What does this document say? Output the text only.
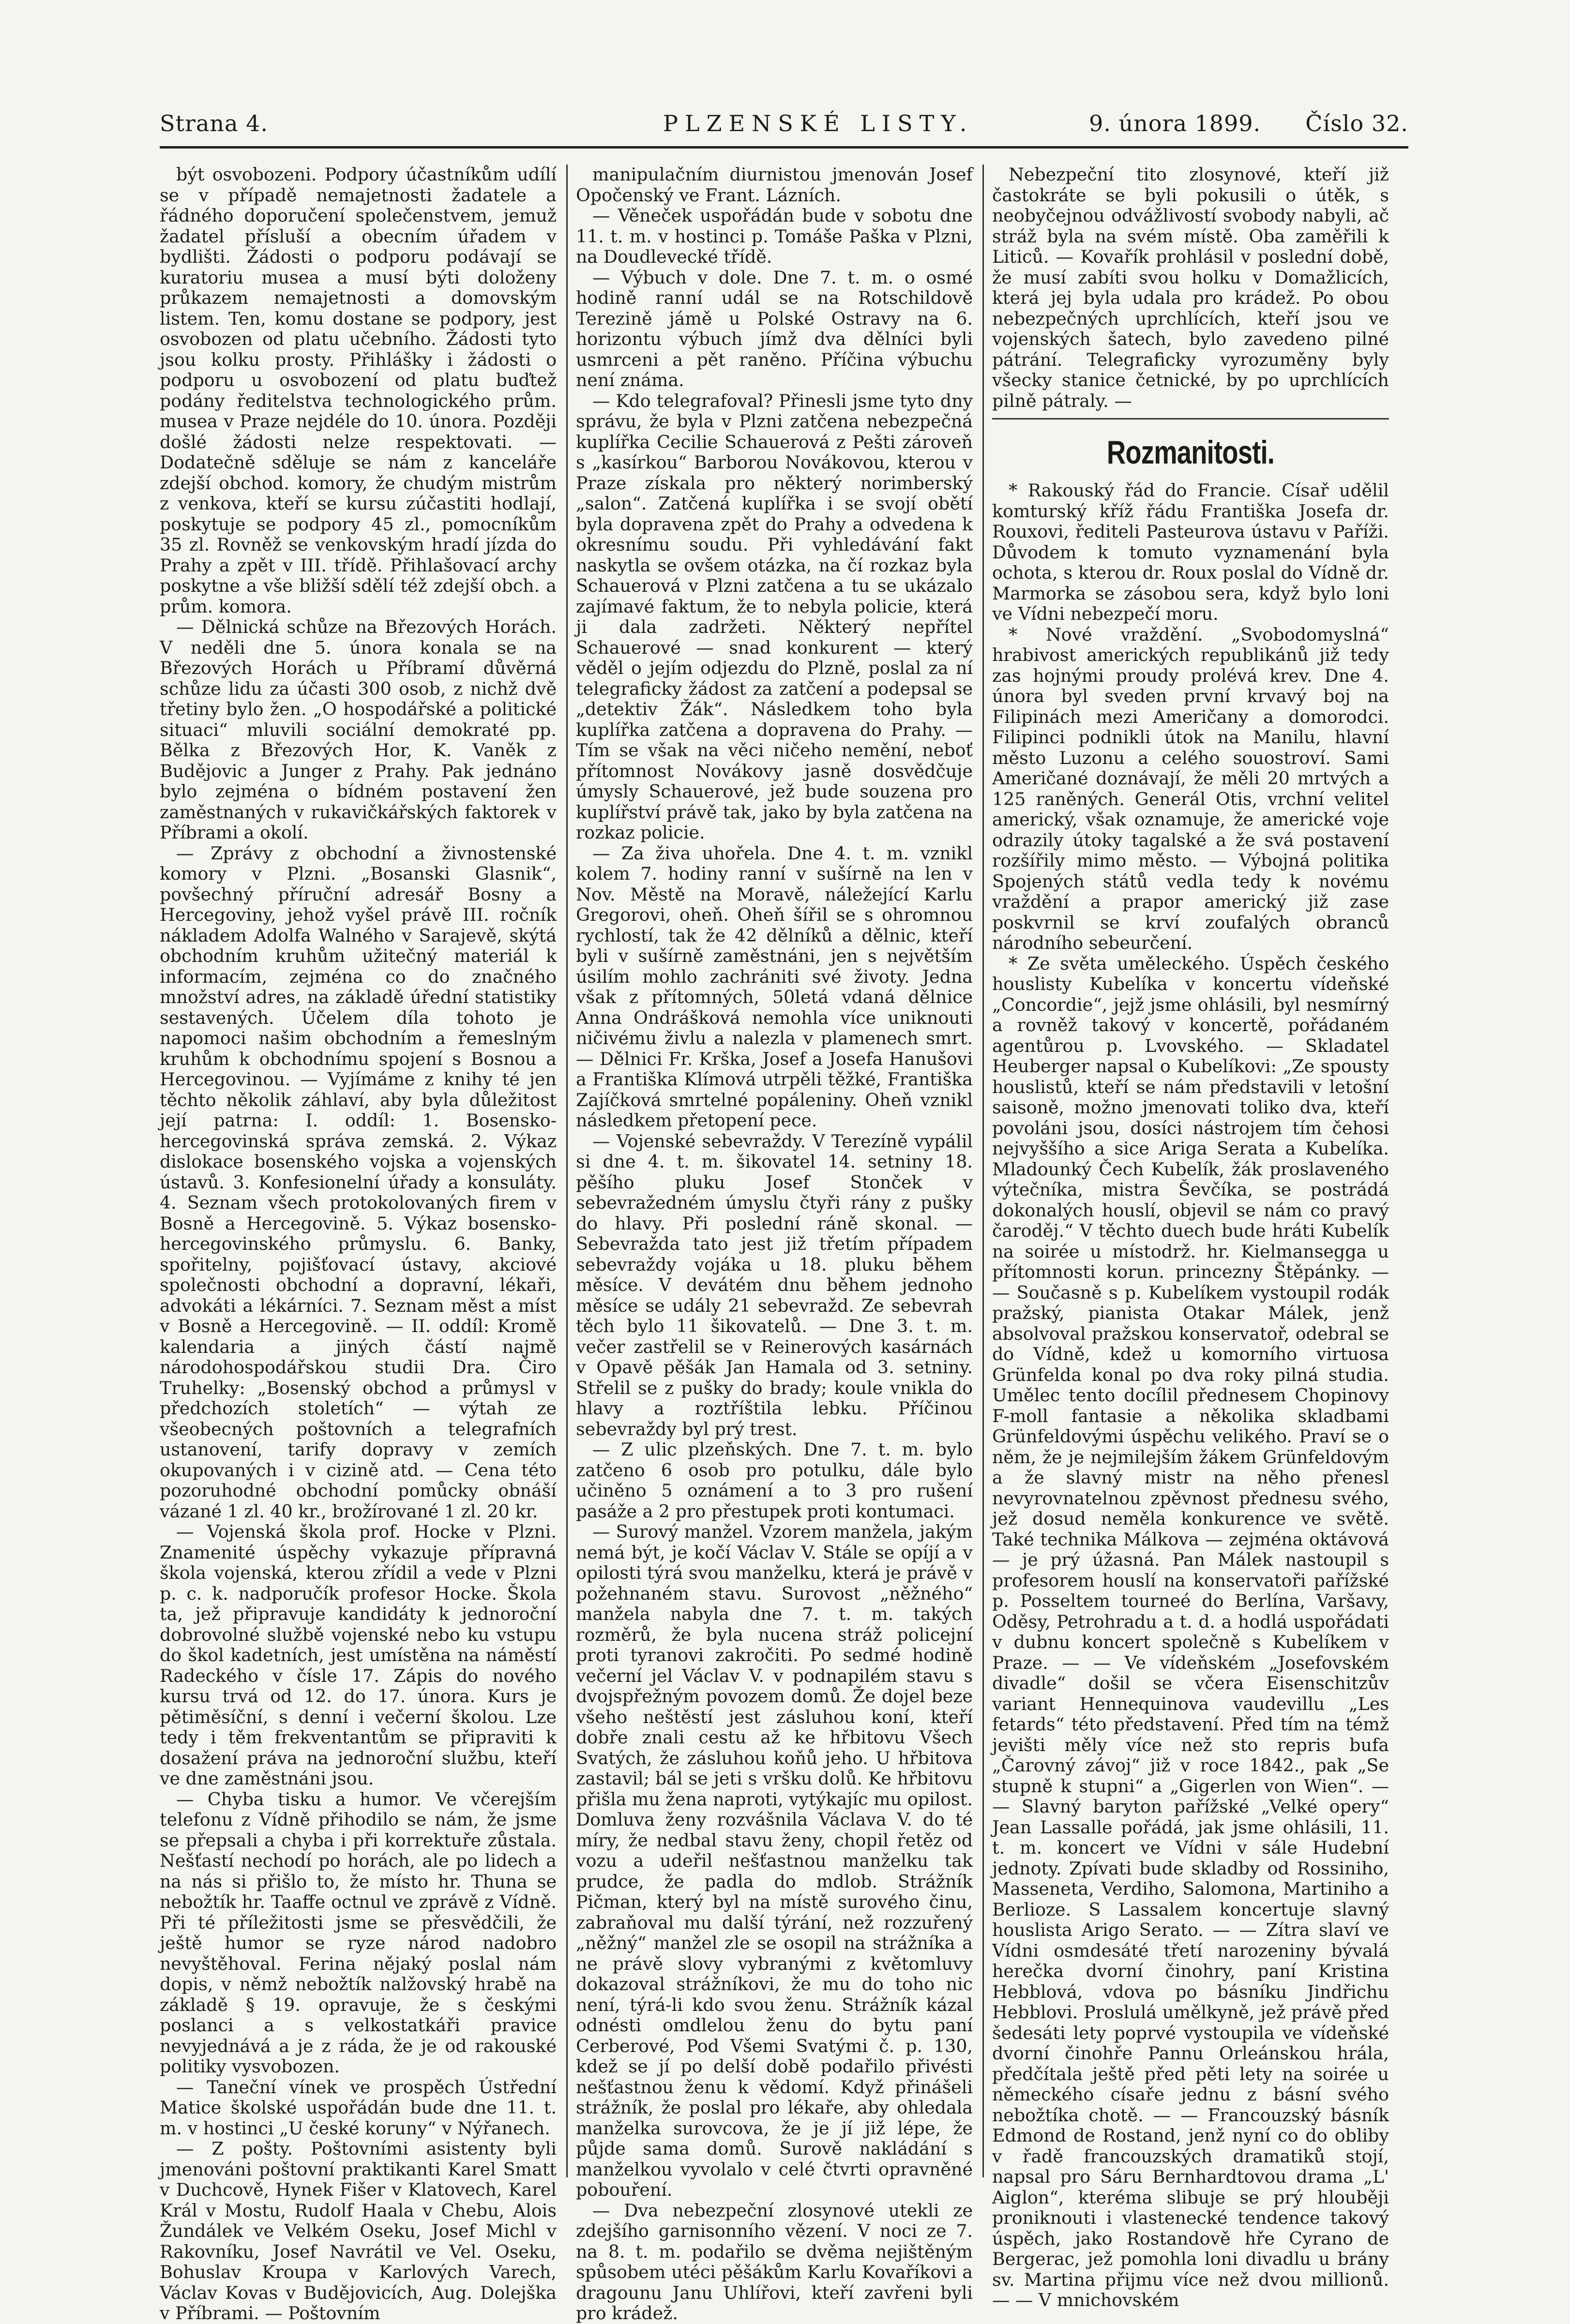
Strana 4.	PLZENSKÉ LISTY.	9. února 1899. Číslo 32.

být osvobozeni. Podpory účastníkům udílí se v případě nemajetnosti žadatele a řádného doporučení společenstvem, jemuž žadatel přísluší a obecním úřadem v bydlišti. Žádosti o podporu podávají se kuratoriu musea a musí býti doloženy průkazem nemajetnosti a domovským listem. Ten, komu dostane se podpory, jest osvobozen od platu učebního. Žádosti tyto jsou kolku prosty. Přihlášky i žádosti o podporu u osvobození od platu buďtež podány ředitelstva technologického prům. musea v Praze nejdéle do 10. února. Později došlé žádosti nelze respektovati. — Dodatečně sděluje se nám z kanceláře zdejší obchod. komory, že chudým mistrům z venkova, kteří se kursu zúčastiti hodlají, poskytuje se podpory 45 zl., pomocníkům 35 zl. Rovněž se venkovským hradí jízda do Prahy a zpět v III. třídě. Přihlašovací archy poskytne a vše bližší sdělí též zdejší obch. a prům. komora.

— Dělnická schůze na Březových Horách. V neděli dne 5. února konala se na Březových Horách u Příbramí důvěrná schůze lidu za účasti 300 osob, z nichž dvě třetiny bylo žen. „O hospodářské a politické situaci“ mluvili sociální demokraté pp. Bělka z Březových Hor, K. Vaněk z Budějovic a Junger z Prahy. Pak jednáno bylo zejména o bídném postavení žen zaměstnaných v rukavičkářských faktorek v Příbrami a okolí.

— Zprávy z obchodní a živnostenské komory v Plzni. „Bosanski Glasnik“, povšechný příruční adresář Bosny a Hercegoviny, jehož vyšel právě III. ročník nákladem Adolfa Walného v Sarajevě, skýtá obchodním kruhům užitečný materiál k informacím, zejména co do značného množství adres, na základě úřední statistiky sestavených. Účelem díla tohoto je napomoci našim obchodním a řemeslným kruhům k obchodnímu spojení s Bosnou a Hercegovinou. — Vyjímáme z knihy té jen těchto několik záhlaví, aby byla důležitost její patrna: I. oddíl: 1. Bosensko-hercegovinská správa zemská. 2. Výkaz dislokace bosenského vojska a vojenských ústavů. 3. Konfesionelní úřady a konsuláty. 4. Seznam všech protokolovaných firem v Bosně a Hercegovině. 5. Výkaz bosensko-hercegovinského průmyslu. 6. Banky, spořitelny, pojišťovací ústavy, akciové společnosti obchodní a dopravní, lékaři, advokáti a lékárníci. 7. Seznam měst a míst v Bosně a Hercegovině. — II. oddíl: Kromě kalendaria a jiných částí najmě národohospodářskou studii Dra. Čiro Truhelky: „Bosenský obchod a průmysl v předchozích stoletích“ — výtah ze všeobecných poštovních a telegrafních ustanovení, tarify dopravy v zemích okupovaných i v cizině atd. — Cena této pozoruhodné obchodní pomůcky obnáší vázané 1 zl. 40 kr., brožírované 1 zl. 20 kr.

— Vojenská škola prof. Hocke v Plzni. Znamenité úspěchy vykazuje přípravná škola vojenská, kterou zřídil a vede v Plzni p. c. k. nadporučík profesor Hocke. Škola ta, jež připravuje kandidáty k jednoroční dobrovolné službě vojenské nebo ku vstupu do škol kadetních, jest umístěna na náměstí Radeckého v čísle 17. Zápis do nového kursu trvá od 12. do 17. února. Kurs je pětiměsíční, s denní i večerní školou. Lze tedy i těm frekventantům se připraviti k dosažení práva na jednoroční službu, kteří ve dne zaměstnáni jsou.

— Chyba tisku a humor. Ve včerejším telefonu z Vídně přihodilo se nám, že jsme se přepsali a chyba i při korrektuře zůstala. Nešťastí nechodí po horách, ale po lidech a na nás si přišlo to, že místo hr. Thuna se nebožtík hr. Taaffe octnul ve zprávě z Vídně. Při té příležitosti jsme se přesvědčili, že ještě humor se ryze národ nadobro nevyštěhoval. Ferina nějaký poslal nám dopis, v němž nebožtík nalžovský hrabě na základě § 19. opravuje, že s českými poslanci a s velkostatkáři pravice nevyjednává a je z ráda, že je od rakouské politiky vysvobozen.

— Taneční vínek ve prospěch Ústřední Matice školské uspořádán bude dne 11. t. m. v hostinci „U české koruny“ v Nýřanech.

— Z pošty. Poštovními asistenty byli jmenováni poštovní praktikanti Karel Smatt v Duchcově, Hynek Fišer v Klatovech, Karel Král v Mostu, Rudolf Haala v Chebu, Alois Žundálek ve Velkém Oseku, Josef Michl v Rakovníku, Josef Navrátil ve Vel. Oseku, Bohuslav Kroupa v Karlových Varech, Václav Kovas v Budějovicích, Aug. Dolejška v Příbrami. — Poštovním

manipulačním diurnistou jmenován Josef Opočenský ve Frant. Lázních.

— Věneček uspořádán bude v sobotu dne 11. t. m. v hostinci p. Tomáše Paška v Plzni, na Doudlevecké třídě.

— Výbuch v dole. Dne 7. t. m. o osmé hodině ranní udál se na Rotschildově Terezině jámě u Polské Ostravy na 6. horizontu výbuch jímž dva dělníci byli usmrceni a pět raněno. Příčina výbuchu není známa.

— Kdo telegrafoval? Přinesli jsme tyto dny správu, že byla v Plzni zatčena nebezpečná kuplířka Cecilie Schauerová z Pešti zároveň s „kasírkou“ Barborou Novákovou, kterou v Praze získala pro některý norimberský „salon“. Zatčená kuplířka i se svojí obětí byla dopravena zpět do Prahy a odvedena k okresnímu soudu. Při vyhledávání fakt naskytla se ovšem otázka, na čí rozkaz byla Schauerová v Plzni zatčena a tu se ukázalo zajímavé faktum, že to nebyla policie, která ji dala zadržeti. Některý nepřítel Schauerové — snad konkurent — který věděl o jejím odjezdu do Plzně, poslal za ní telegraficky žádost za zatčení a podepsal se „detektiv Žák“. Následkem toho byla kuplířka zatčena a dopravena do Prahy. — Tím se však na věci ničeho nemění, neboť přítomnost Novákovy jasně dosvědčuje úmysly Schauerové, jež bude souzena pro kuplířství právě tak, jako by byla zatčena na rozkaz policie.

— Za živa uhořela. Dne 4. t. m. vznikl kolem 7. hodiny ranní v sušírně na len v Nov. Městě na Moravě, náležející Karlu Gregorovi, oheň. Oheň šířil se s ohromnou rychlostí, tak že 42 dělníků a dělnic, kteří byli v sušírně zaměstnáni, jen s největším úsilím mohlo zachrániti své životy. Jedna však z přítomných, 50letá vdaná dělnice Anna Ondrášková nemohla více uniknouti ničivému živlu a nalezla v plamenech smrt. — Dělnici Fr. Krška, Josef a Josefa Hanušovi a Františka Klímová utrpěli těžké, Františka Zajíčková smrtelné popáleniny. Oheň vznikl následkem přetopení pece.

— Vojenské sebevraždy. V Terezíně vypálil si dne 4. t. m. šikovatel 14. setniny 18. pěšího pluku Josef Stonček v sebevražedném úmyslu čtyři rány z pušky do hlavy. Při poslední ráně skonal. — Sebevražda tato jest již třetím případem sebevraždy vojáka u 18. pluku během měsíce. V devátém dnu během jednoho měsíce se udály 21 sebevražd. Ze sebevrah těch bylo 11 šikovatelů. — Dne 3. t. m. večer zastřelil se v Reinerových kasárnách v Opavě pěšák Jan Hamala od 3. setniny. Střelil se z pušky do brady; koule vnikla do hlavy a roztříštila lebku. Příčinou sebevraždy byl prý trest.

— Z ulic plzeňských. Dne 7. t. m. bylo zatčeno 6 osob pro potulku, dále bylo učiněno 5 oznámení a to 3 pro rušení pasáže a 2 pro přestupek proti kontumaci.

— Surový manžel. Vzorem manžela, jakým nemá být, je kočí Václav V. Stále se opíjí a v opilosti týrá svou manželku, která je právě v požehnaném stavu. Surovost „něžného“ manžela nabyla dne 7. t. m. takých rozměrů, že byla nucena stráž policejní proti tyranovi zakročiti. Po sedmé hodině večerní jel Václav V. v podnapilém stavu s dvojspřežným povozem domů. Že dojel beze všeho neštěstí jest zásluhou koní, kteří dobře znali cestu až ke hřbitovu Všech Svatých, že zásluhou koňů jeho. U hřbitova zastavil; bál se jeti s vršku dolů. Ke hřbitovu přišla mu žena naproti, vytýkajíc mu opilost. Domluva ženy rozvášnila Václava V. do té míry, že nedbal stavu ženy, chopil řetěz od vozu a udeřil nešťastnou manželku tak prudce, že padla do mdlob. Strážník Pičman, který byl na místě surového činu, zabraňoval mu další týrání, než rozzuřený „něžný“ manžel zle se osopil na strážníka a ne právě slovy vybranými z květomluvy dokazoval strážníkovi, že mu do toho nic není, týrá-li kdo svou ženu. Strážník kázal odnésti omdlelou ženu do bytu paní Cerberové, Pod Všemi Svatými č. p. 130, kdež se jí po delší době podařilo přivésti nešťastnou ženu k vědomí. Když přinášeli strážník, že poslal pro lékaře, aby ohledala manželka surovcova, že je jí již lépe, že půjde sama domů. Surově nakládání s manželkou vyvolalo v celé čtvrti opravněné pobouření.

— Dva nebezpeční zlosynové utekli ze zdejšího garnisonního vězení. V noci ze 7. na 8. t. m. podařilo se dvěma nejištěným spůsobem utéci pěšákům Karlu Kovaříkovi a dragounu Janu Uhlířovi, kteří zavřeni byli pro krádež.

Nebezpeční tito zlosynové, kteří již častokráte se byli pokusili o útěk, s neobyčejnou odvážlivostí svobody nabyli, ač stráž byla na svém místě. Oba zaměřili k Liticů. — Kovařík prohlásil v poslední době, že musí zabíti svou holku v Domažlicích, která jej byla udala pro krádež. Po obou nebezpečných uprchlících, kteří jsou ve vojenských šatech, bylo zavedeno pilné pátrání. Telegraficky vyrozuměny byly všecky stanice četnické, by po uprchlících pilně pátraly. —

Rozmanitosti.

* Rakouský řád do Francie. Císař udělil komturský kříž řádu Františka Josefa dr. Rouxovi, řediteli Pasteurova ústavu v Paříži. Důvodem k tomuto vyznamenání byla ochota, s kterou dr. Roux poslal do Vídně dr. Marmorka se zásobou sera, když bylo loni ve Vídni nebezpečí moru.

* Nové vraždění. „Svobodomyslná“ hrabivost amerických republikánů již tedy zas hojnými proudy prolévá krev. Dne 4. února byl sveden první krvavý boj na Filipinách mezi Američany a domorodci. Filipinci podnikli útok na Manilu, hlavní město Luzonu a celého souostroví. Sami Američané doznávají, že měli 20 mrtvých a 125 raněných. Generál Otis, vrchní velitel americký, však oznamuje, že americké voje odrazily útoky tagalské a že svá postavení rozšířily mimo město. — Výbojná politika Spojených států vedla tedy k novému vraždění a prapor americký již zase poskvrnil se krví zoufalých obranců národního sebeurčení.

* Ze světa uměleckého. Úspěch českého houslisty Kubelíka v koncertu vídeňské „Concordie“, jejž jsme ohlásili, byl nesmírný a rovněž takový v koncertě, pořádaném agentůrou p. Lvovského. — Skladatel Heuberger napsal o Kubelíkovi: „Ze spousty houslistů, kteří se nám představili v letošní saisoně, možno jmenovati toliko dva, kteří povoláni jsou, dosíci nástrojem tím čehosi nejvyššího a sice Ariga Serata a Kubelíka. Mladounký Čech Kubelík, žák proslaveného výtečníka, mistra Ševčíka, se postrádá dokonalých houslí, objevil se nám co pravý čaroděj.“ V těchto duech bude hráti Kubelík na soirée u místodrž. hr. Kielmansegga u přítomnosti korun. princezny Štěpánky. — — Současně s p. Kubelíkem vystoupil rodák pražský, pianista Otakar Málek, jenž absolvoval pražskou konservatoř, odebral se do Vídně, kdež u komorního virtuosa Grünfelda konal po dva roky pilná studia. Umělec tento docílil přednesem Chopinovy F-moll fantasie a několika skladbami Grünfeldovými úspěchu velikého. Praví se o něm, že je nejmilejším žákem Grünfeldovým a že slavný mistr na něho přenesl nevyrovnatelnou zpěvnost přednesu svého, jež dosud neměla konkurence ve světě. Také technika Málkova — zejména oktávová — je prý úžasná. Pan Málek nastoupil s profesorem houslí na konservatoři pařížské p. Posseltem tourneé do Berlína, Varšavy, Oděsy, Petrohradu a t. d. a hodlá uspořádati v dubnu koncert společně s Kubelíkem v Praze. — — Ve vídeňském „Josefovském divadle“ došil se včera Eisenschitzův variant Hennequinova vaudevillu „Les fetards“ této představení. Před tím na témž jevišti měly více než sto repris bufa „Čarovný závoj“ již v roce 1842., pak „Se stupně k stupni“ a „Gigerlen von Wien“. — — Slavný baryton pařížské „Velké opery“ Jean Lassalle pořádá, jak jsme ohlásili, 11. t. m. koncert ve Vídni v sále Hudební jednoty. Zpívati bude skladby od Rossiniho, Masseneta, Verdiho, Salomona, Martiniho a Berlioze. S Lassalem koncertuje slavný houslista Arigo Serato. — — Zítra slaví ve Vídni osmdesáté třetí narozeniny bývalá herečka dvorní činohry, paní Kristina Hebblová, vdova po básníku Jindřichu Hebblovi. Proslulá umělkyně, jež právě před šedesáti lety poprvé vystoupila ve vídeňské dvorní činohře Pannu Orleánskou hrála, předčítala ještě před pěti lety na soirée u německého císaře jednu z básní svého nebožtíka chotě. — — Francouzský básník Edmond de Rostand, jenž nyní co do obliby v řadě francouzských dramatiků stojí, napsal pro Sáru Bernhardtovou drama „L' Aiglon“, kteréma slibuje se prý hlouběji proniknouti i vlastenecké tendence takový úspěch, jako Rostandově hře Cyrano de Bergerac, jež pomohla loni divadlu u brány sv. Martina přijmu více než dvou millionů. — — V mnichovském
